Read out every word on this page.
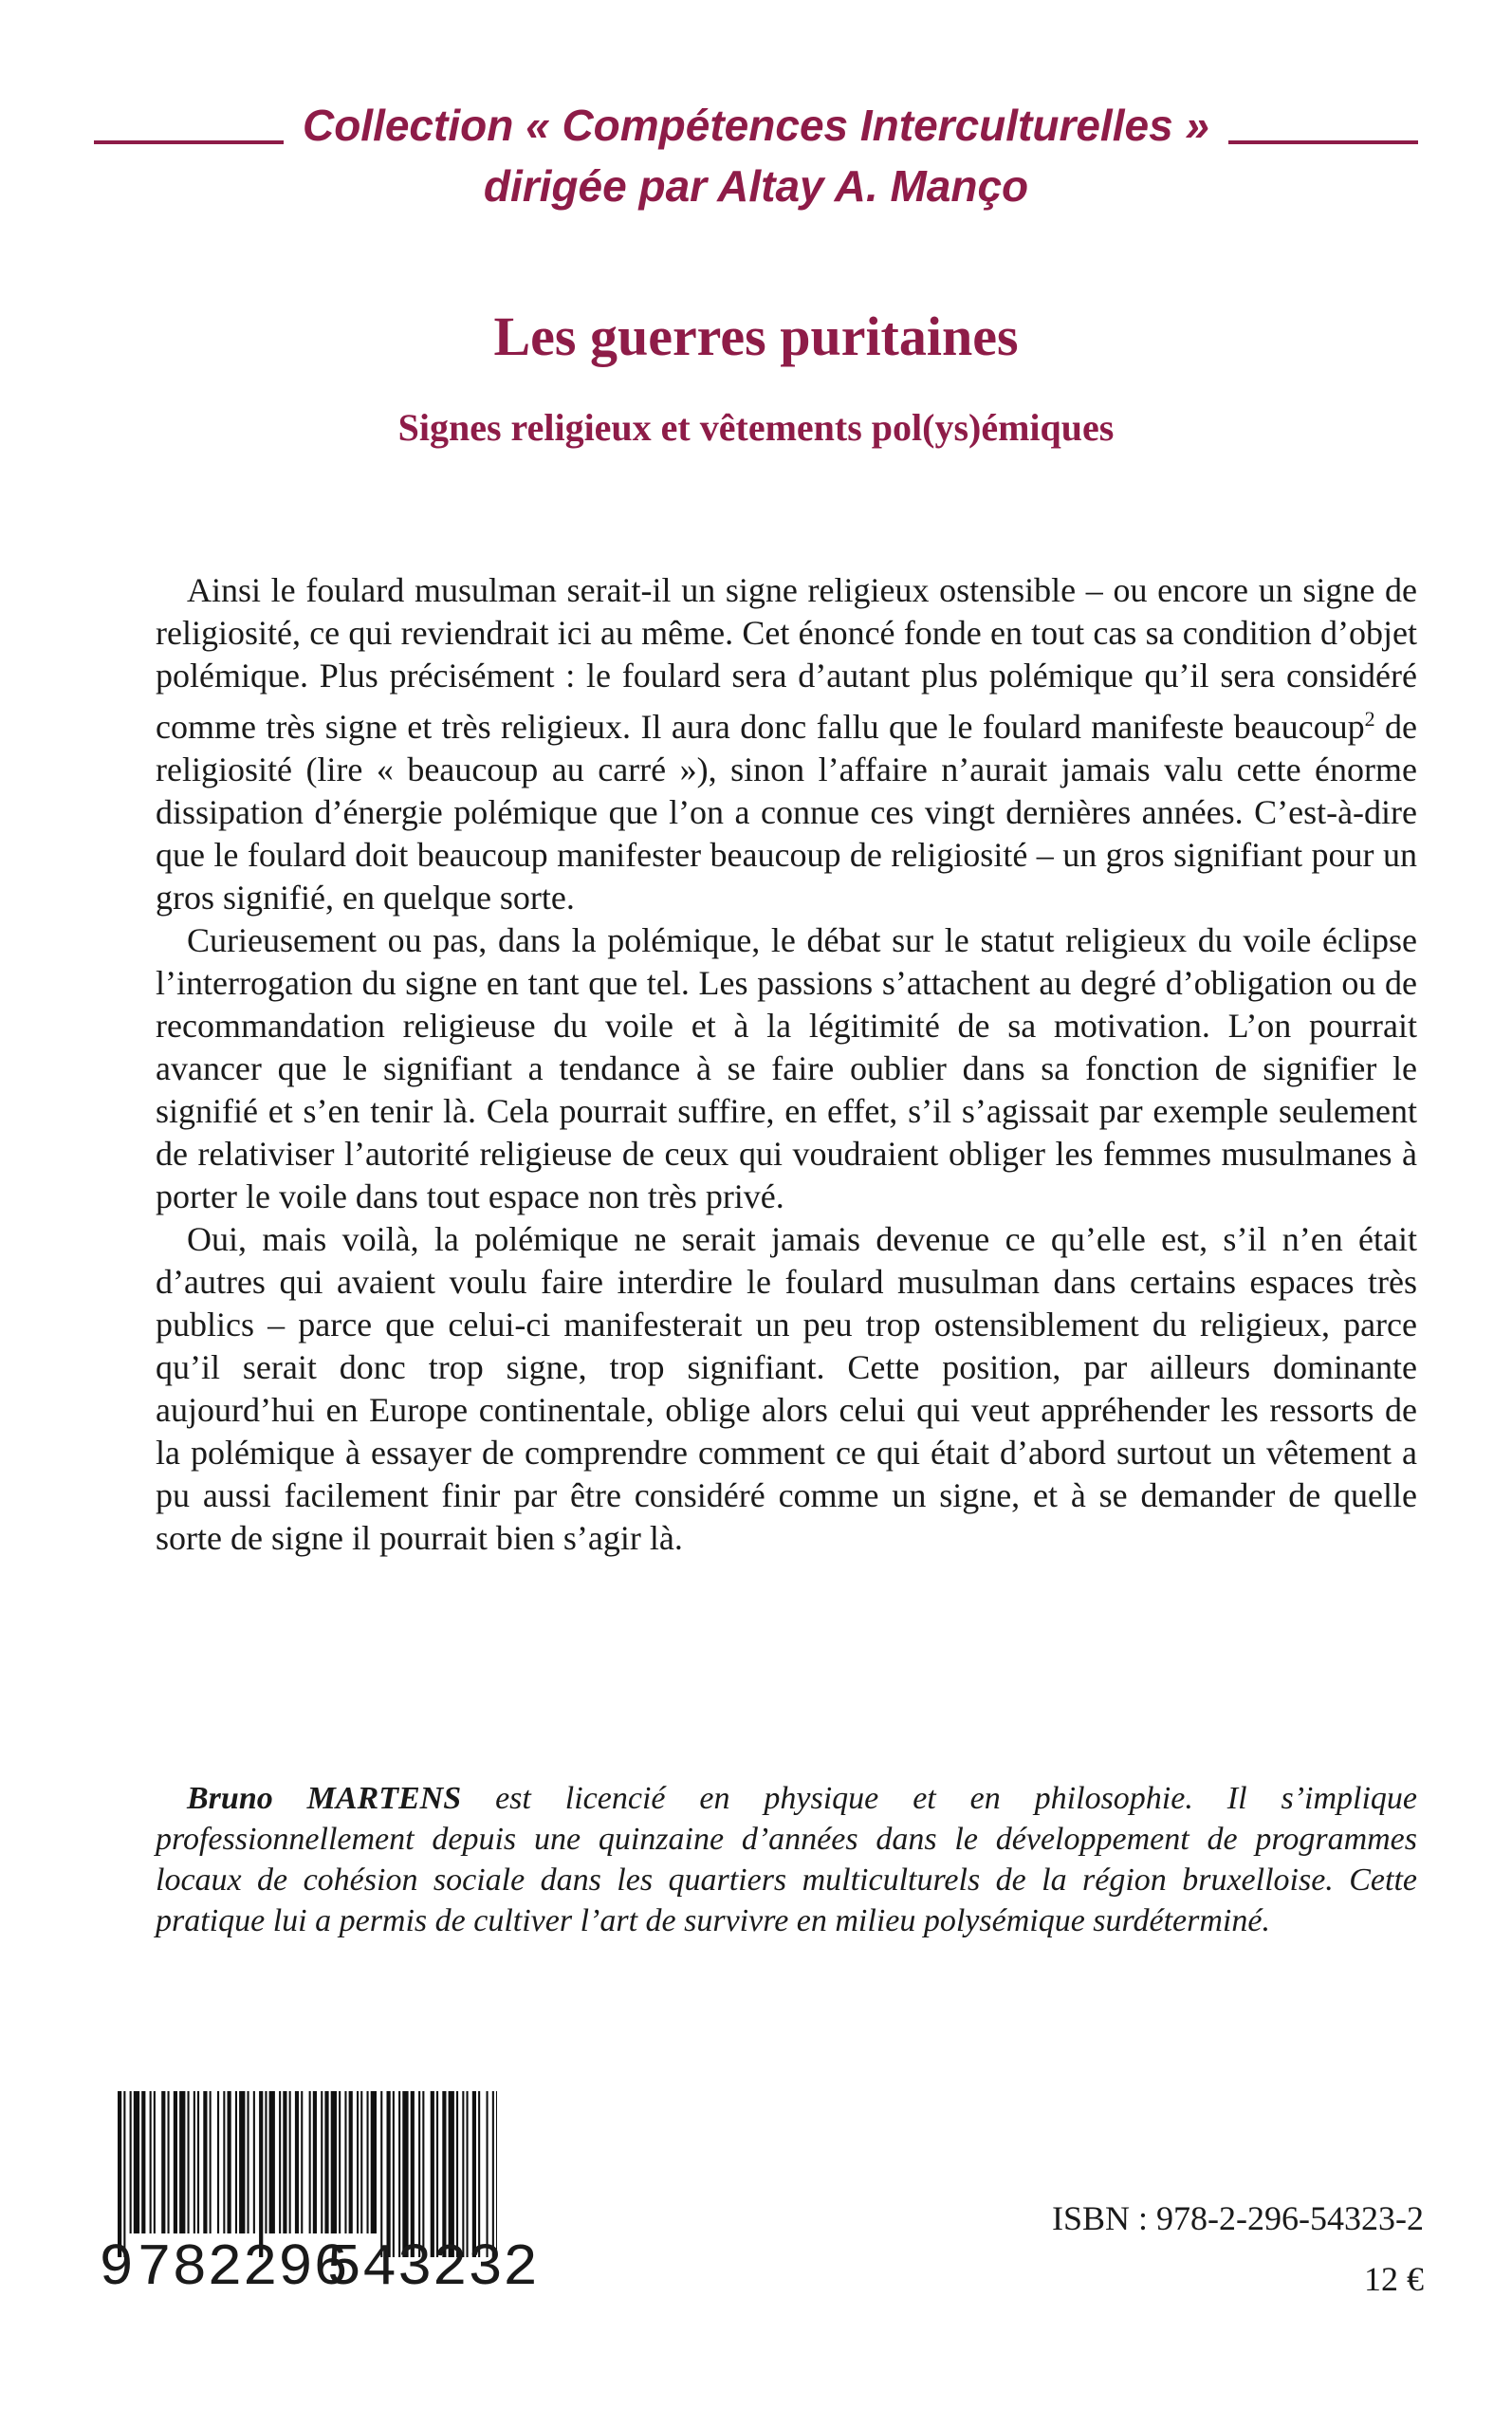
Collection « Compétences Interculturelles »
dirigée par Altay A. Manço
Les guerres puritaines
Signes religieux et vêtements pol(ys)émiques

Ainsi le foulard musulman serait-il un signe religieux ostensible – ou encore un signe de religiosité, ce qui reviendrait ici au même. Cet énoncé fonde en tout cas sa condition d’objet polémique. Plus précisément : le foulard sera d’autant plus polémique qu’il sera considéré comme très signe et très religieux. Il aura donc fallu que le foulard manifeste beaucoup$^2$ de religiosité (lire « beaucoup au carré »), sinon l’affaire n’aurait jamais valu cette énorme dissipation d’énergie polémique que l’on a connue ces vingt dernières années. C’est-à-dire que le foulard doit beaucoup manifester beaucoup de religiosité – un gros signifiant pour un gros signifié, en quelque sorte.

Curieusement ou pas, dans la polémique, le débat sur le statut religieux du voile éclipse l’interrogation du signe en tant que tel. Les passions s’attachent au degré d’obligation ou de recommandation religieuse du voile et à la légitimité de sa motivation. L’on pourrait avancer que le signifiant a tendance à se faire oublier dans sa fonction de signifier le signifié et s’en tenir là. Cela pourrait suffire, en effet, s’il s’agissait par exemple seulement de relativiser l’autorité religieuse de ceux qui voudraient obliger les femmes musulmanes à porter le voile dans tout espace non très privé.

Oui, mais voilà, la polémique ne serait jamais devenue ce qu’elle est, s’il n’en était d’autres qui avaient voulu faire interdire le foulard musulman dans certains espaces très publics – parce que celui-ci manifesterait un peu trop ostensiblement du religieux, parce qu’il serait donc trop signe, trop signifiant. Cette position, par ailleurs dominante aujourd’hui en Europe continentale, oblige alors celui qui veut appréhender les ressorts de la polémique à essayer de comprendre comment ce qui était d’abord surtout un vêtement a pu aussi facilement finir par être considéré comme un signe, et à se demander de quelle sorte de signe il pourrait bien s’agir là.

Bruno MARTENS est licencié en physique et en philosophie. Il s’implique professionnellement depuis une quinzaine d’années dans le développement de programmes locaux de cohésion sociale dans les quartiers multiculturels de la région bruxelloise. Cette pratique lui a permis de cultiver l’art de survivre en milieu polysémique surdéterminé.

9782296543232
ISBN : 978-2-296-54323-2
12 €
